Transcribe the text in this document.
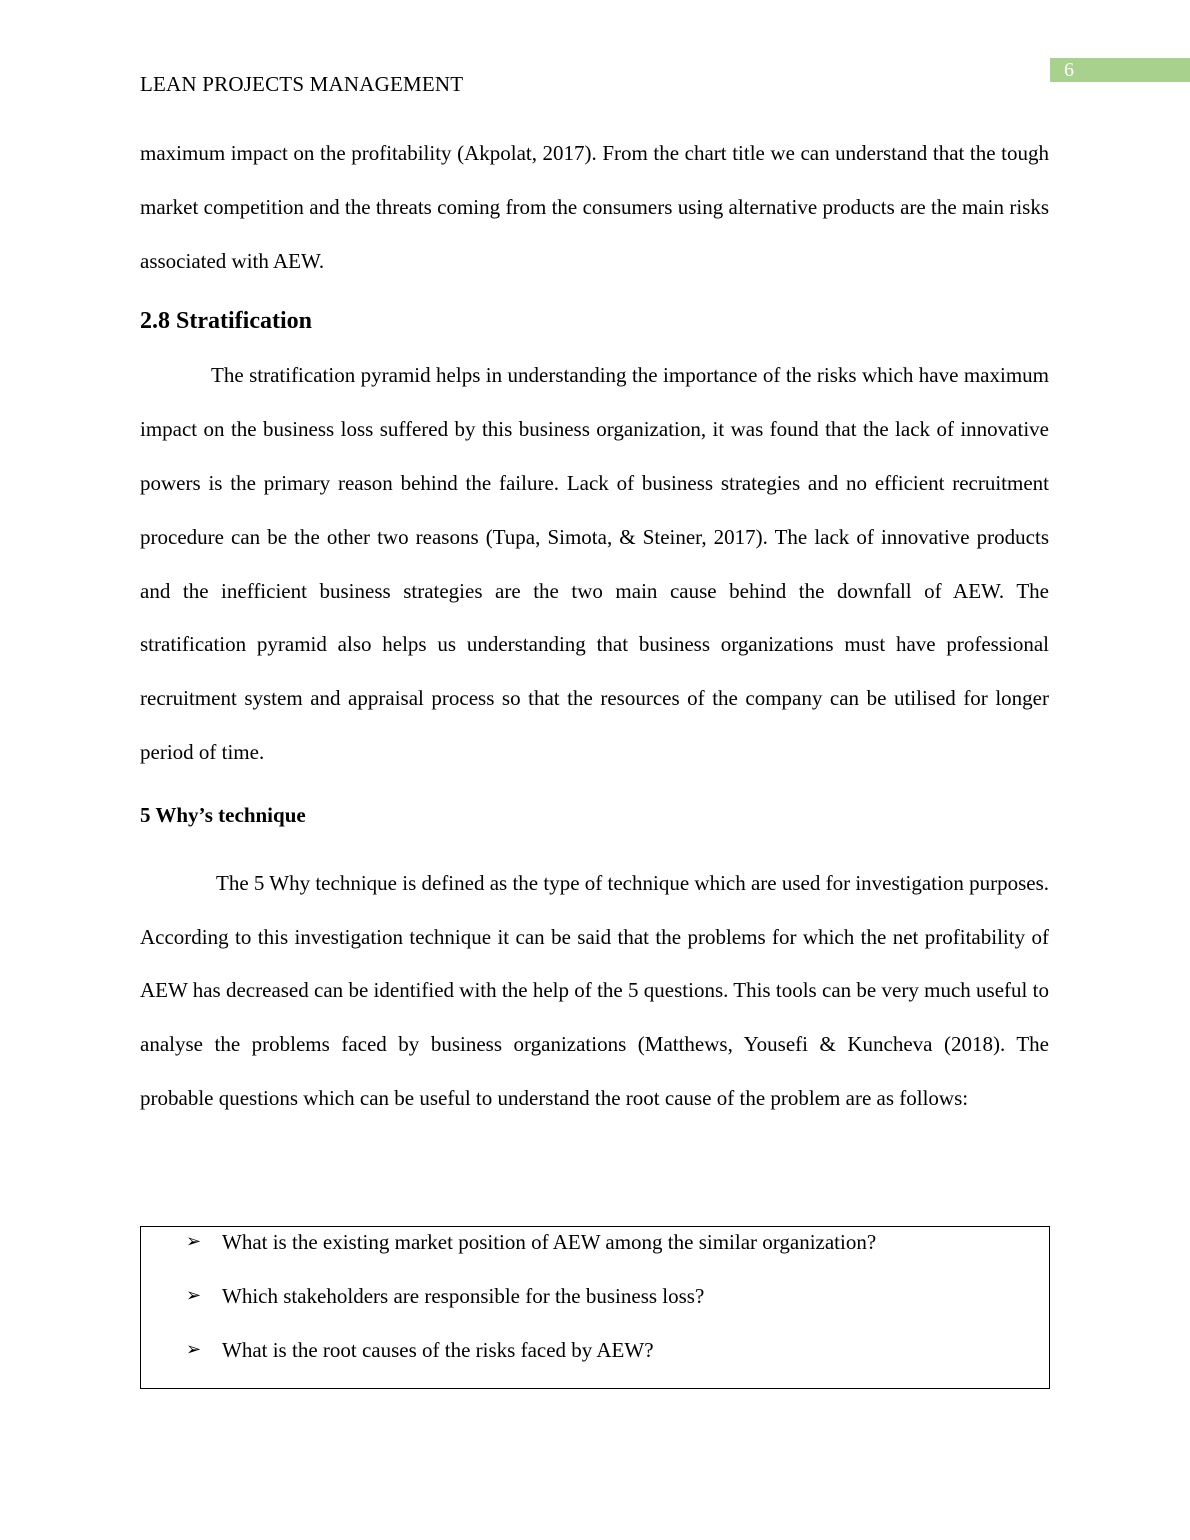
6
LEAN PROJECTS MANAGEMENT

maximum impact on the profitability (Akpolat, 2017). From the chart title we can understand that the tough market competition and the threats coming from the consumers using alternative products are the main risks associated with AEW.

2.8 Stratification

The stratification pyramid helps in understanding the importance of the risks which have maximum impact on the business loss suffered by this business organization, it was found that the lack of innovative powers is the primary reason behind the failure. Lack of business strategies and no efficient recruitment procedure can be the other two reasons (Tupa, Simota, & Steiner, 2017). The lack of innovative products and the inefficient business strategies are the two main cause behind the downfall of AEW. The stratification pyramid also helps us understanding that business organizations must have professional recruitment system and appraisal process so that the resources of the company can be utilised for longer period of time.

5 Why’s technique

The 5 Why technique is defined as the type of technique which are used for investigation purposes. According to this investigation technique it can be said that the problems for which the net profitability of AEW has decreased can be identified with the help of the 5 questions. This tools can be very much useful to analyse the problems faced by business organizations (Matthews, Yousefi & Kuncheva (2018). The probable questions which can be useful to understand the root cause of the problem are as follows:

➢ What is the existing market position of AEW among the similar organization?
➢ Which stakeholders are responsible for the business loss?
➢ What is the root causes of the risks faced by AEW?
